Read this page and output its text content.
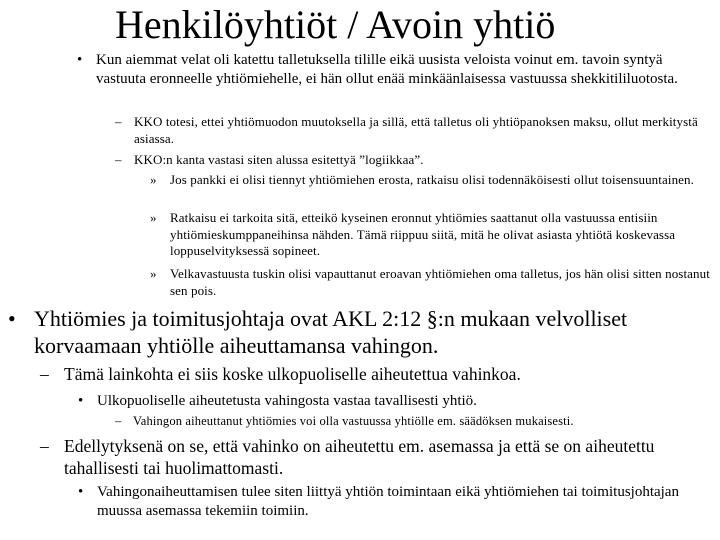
Henkilöyhtiöt / Avoin yhtiö
• Kun aiemmat velat oli katettu talletuksella tilille eikä uusista veloista voinut em. tavoin syntyä vastuuta eronneelle yhtiömiehelle, ei hän ollut enää minkäänlaisessa vastuussa shekkitililuotosta.
– KKO totesi, ettei yhtiömuodon muutoksella ja sillä, että talletus oli yhtiöpanoksen maksu, ollut merkitystä asiassa.
– KKO:n kanta vastasi siten alussa esitettyä ”logiikkaa”.
» Jos pankki ei olisi tiennyt yhtiömiehen erosta, ratkaisu olisi todennäköisesti ollut toisensuuntainen.
» Ratkaisu ei tarkoita sitä, etteikö kyseinen eronnut yhtiömies saattanut olla vastuussa entisiin yhtiömieskumppaneihinsa nähden. Tämä riippuu siitä, mitä he olivat asiasta yhtiötä koskevassa loppuselvityksessä sopineet.
» Velkavastuusta tuskin olisi vapauttanut eroavan yhtiömiehen oma talletus, jos hän olisi sitten nostanut sen pois.
• Yhtiömies ja toimitusjohtaja ovat AKL 2:12 §:n mukaan velvolliset korvaamaan yhtiölle aiheuttamansa vahingon.
– Tämä lainkohta ei siis koske ulkopuoliselle aiheutettua vahinkoa.
• Ulkopuoliselle aiheutetusta vahingosta vastaa tavallisesti yhtiö.
– Vahingon aiheuttanut yhtiömies voi olla vastuussa yhtiölle em. säädöksen mukaisesti.
– Edellytyksenä on se, että vahinko on aiheutettu em. asemassa ja että se on aiheutettu tahallisesti tai huolimattomasti.
• Vahingonaiheuttamisen tulee siten liittyä yhtiön toimintaan eikä yhtiömiehen tai toimitusjohtajan muussa asemassa tekemiin toimiin.
